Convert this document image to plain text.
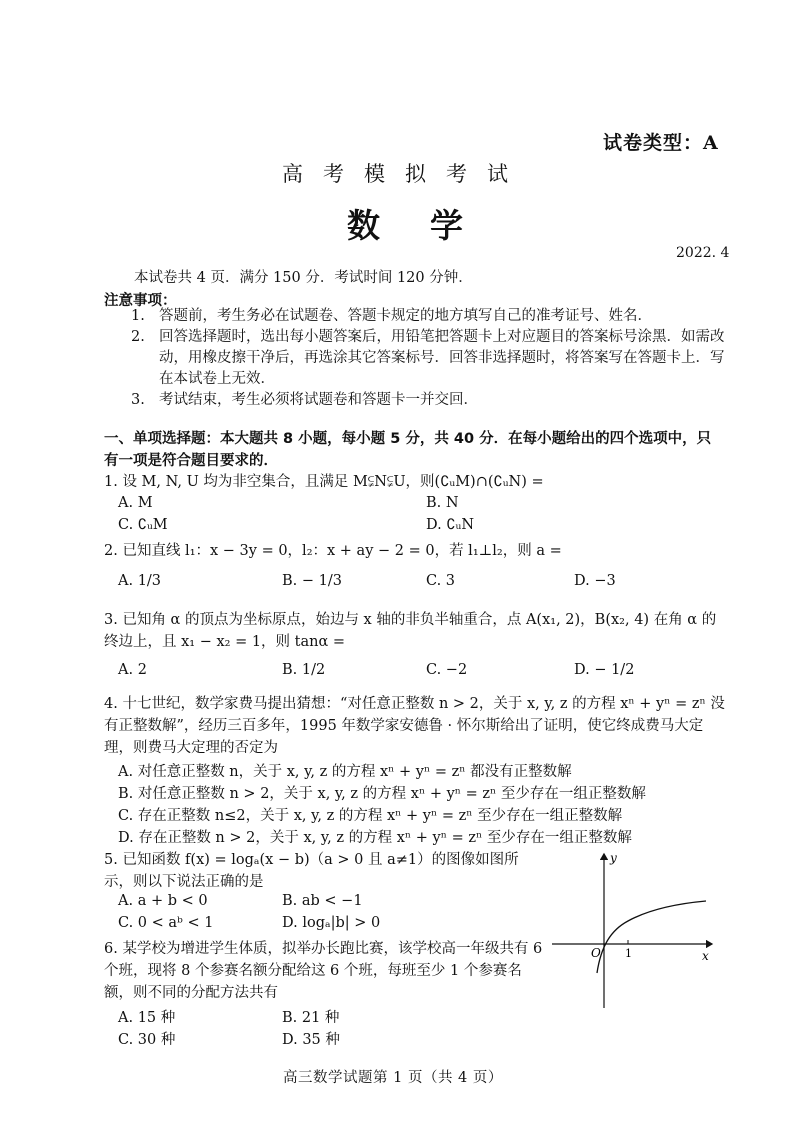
试卷类型：A
高考模拟考试
数学
2022. 4
本试卷共 4 页．满分 150 分．考试时间 120 分钟．
注意事项：
1. 答题前，考生务必在试题卷、答题卡规定的地方填写自己的准考证号、姓名．
2. 回答选择题时，选出每小题答案后，用铅笔把答题卡上对应题目的答案标号涂黑．如需改动，用橡皮擦干净后，再选涂其它答案标号．回答非选择题时，将答案写在答题卡上．写在本试卷上无效．
3. 考试结束，考生必须将试题卷和答题卡一并交回．
一、单项选择题：本大题共 8 小题，每小题 5 分，共 40 分．在每小题给出的四个选项中，只有一项是符合题目要求的．
1. 设 M, N, U 均为非空集合，且满足 M⫋N⫋U，则(∁ᵤM)∩(∁ᵤN) =
A. M	B. N
C. ∁ᵤM	D. ∁ᵤN
2. 已知直线 l₁：x − 3y = 0，l₂：x + ay − 2 = 0，若 l₁⊥l₂，则 a =
A. 1/3	B. − 1/3	C. 3	D. −3
3. 已知角 α 的顶点为坐标原点，始边与 x 轴的非负半轴重合，点 A(x₁, 2)，B(x₂, 4) 在角 α 的终边上，且 x₁ − x₂ = 1，则 tanα =
A. 2	B. 1/2	C. −2	D. − 1/2
4. 十七世纪，数学家费马提出猜想：“对任意正整数 n > 2，关于 x, y, z 的方程 xⁿ + yⁿ = zⁿ 没有正整数解”，经历三百多年，1995 年数学家安德鲁 · 怀尔斯给出了证明，使它终成费马大定理，则费马大定理的否定为
A. 对任意正整数 n，关于 x, y, z 的方程 xⁿ + yⁿ = zⁿ 都没有正整数解
B. 对任意正整数 n > 2，关于 x, y, z 的方程 xⁿ + yⁿ = zⁿ 至少存在一组正整数解
C. 存在正整数 n≤2，关于 x, y, z 的方程 xⁿ + yⁿ = zⁿ 至少存在一组正整数解
D. 存在正整数 n > 2，关于 x, y, z 的方程 xⁿ + yⁿ = zⁿ 至少存在一组正整数解
5. 已知函数 f(x) = logₐ(x − b)（a > 0 且 a≠1）的图像如图所示，则以下说法正确的是
A. a + b < 0	B. ab < −1
C. 0 < aᵇ < 1	D. logₐ|b| > 0
6. 某学校为增进学生体质，拟举办长跑比赛，该学校高一年级共有 6 个班，现将 8 个参赛名额分配给这 6 个班，每班至少 1 个参赛名额，则不同的分配方法共有
A. 15 种	B. 21 种
C. 30 种	D. 35 种
y
x
O 1
高三数学试题第 1 页（共 4 页）
